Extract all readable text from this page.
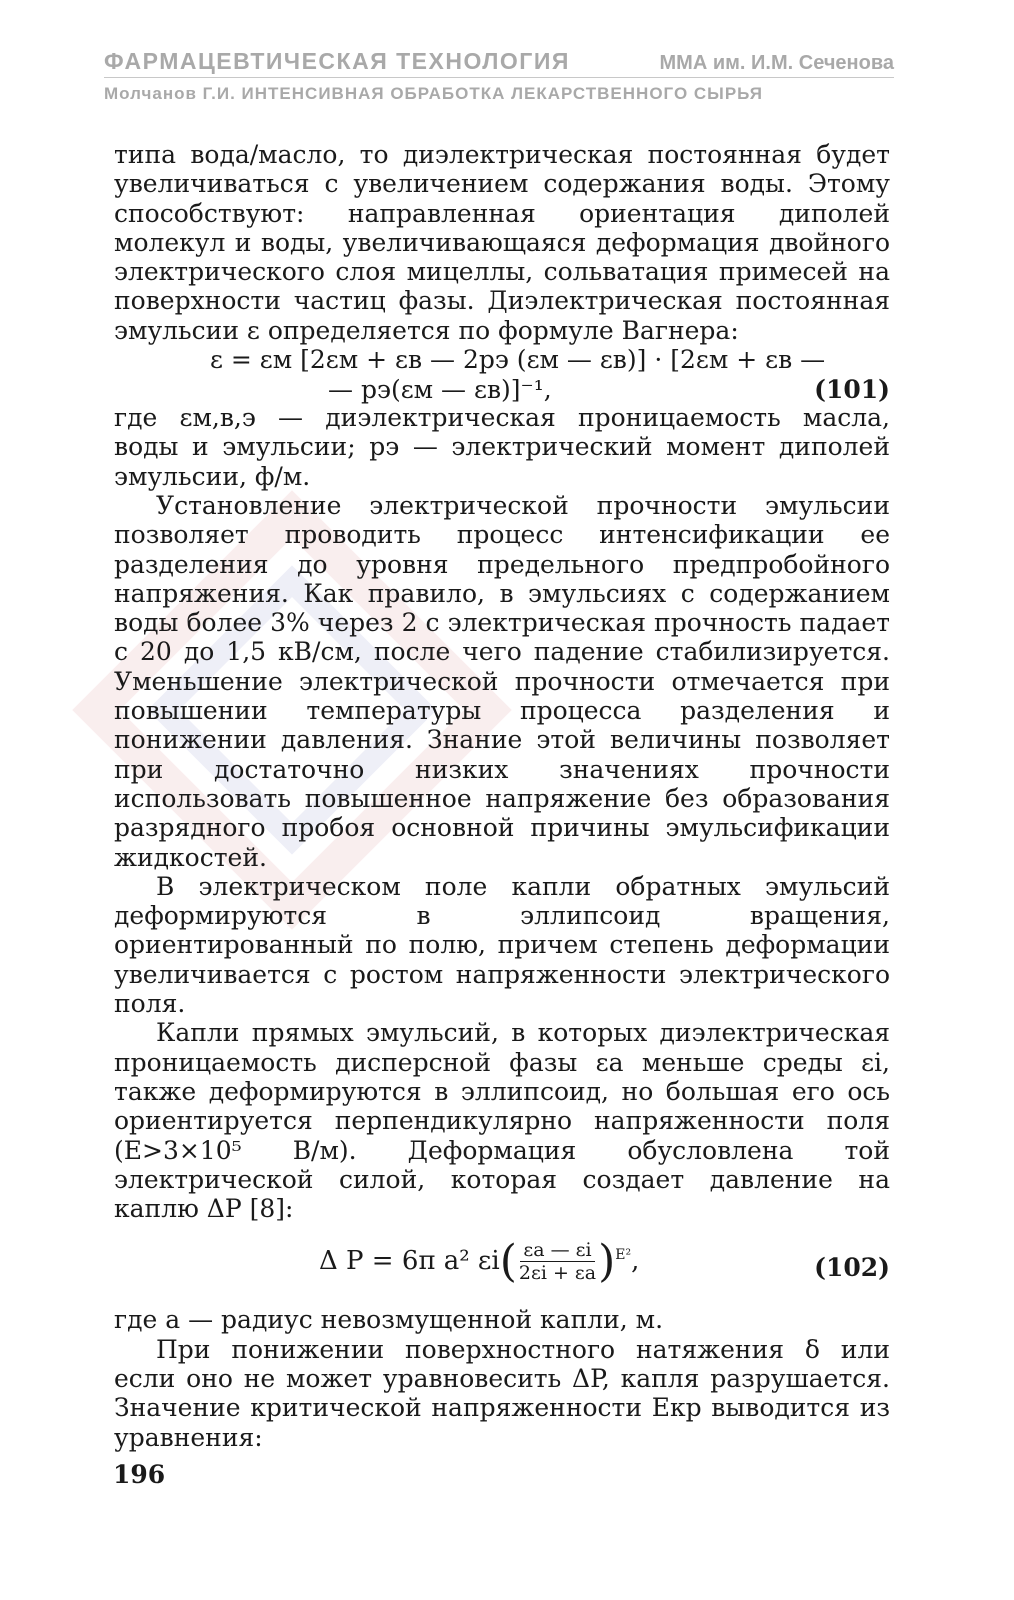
ФАРМАЦЕВТИЧЕСКАЯ ТЕХНОЛОГИЯ	ММА им. И.М. Сеченова
Молчанов Г.И. ИНТЕНСИВНАЯ ОБРАБОТКА ЛЕКАРСТВЕННОГО СЫРЬЯ

типа вода/масло, то диэлектрическая постоянная будет увеличиваться с увеличением содержания воды. Этому способствуют: направленная ориентация диполей молекул и воды, увеличивающаяся деформация двойного электрического слоя мицеллы, сольватация примесей на поверхности частиц фазы. Диэлектрическая постоянная эмульсии ε определяется по формуле Вагнера:

ε = εм [2εм + εв — 2pэ (εм — εв)] · [2εм + εв —
— pэ(εм — εв)]⁻¹,	(101)

где εм,в,э — диэлектрическая проницаемость масла, воды и эмульсии; pэ — электрический момент диполей эмульсии, ф/м.

Установление электрической прочности эмульсии позволяет проводить процесс интенсификации ее разделения до уровня предельного предпробойного напряжения. Как правило, в эмульсиях с содержанием воды более 3% через 2 с электрическая прочность падает с 20 до 1,5 кВ/см, после чего падение стабилизируется. Уменьшение электрической прочности отмечается при повышении температуры процесса разделения и понижении давления. Знание этой величины позволяет при достаточно низких значениях прочности использовать повышенное напряжение без образования разрядного пробоя основной причины эмульсификации жидкостей.

В электрическом поле капли обратных эмульсий деформируются в эллипсоид вращения, ориентированный по полю, причем степень деформации увеличивается с ростом напряженности электрического поля.

Капли прямых эмульсий, в которых диэлектрическая проницаемость дисперсной фазы εа меньше среды εi, также деформируются в эллипсоид, но большая его ось ориентируется перпендикулярно напряженности поля (E>3×10⁵ В/м). Деформация обусловлена той электрической силой, которая создает давление на каплю ΔP [8]:

Δ P = 6π a² εi ( $\frac{\varepsilon а — \varepsilon i}{2\varepsilon i + \varepsilon а}$ ) E² ,	(102)

где a — радиус невозмущенной капли, м.

При понижении поверхностного натяжения δ или если оно не может уравновесить ΔP, капля разрушается. Значение критической напряженности Eкр выводится из уравнения:

196
